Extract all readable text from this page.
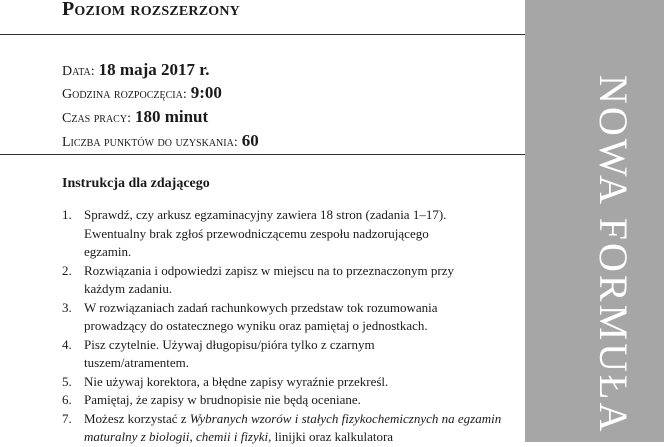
Poziom rozszerzony
Data: 18 maja 2017 r.
Godzina rozpoczęcia: 9:00
Czas pracy: 180 minut
Liczba punktów do uzyskania: 60
Instrukcja dla zdającego
1. Sprawdź, czy arkusz egzaminacyjny zawiera 18 stron (zadania 1–17).
Ewentualny brak zgłoś przewodniczącemu zespołu nadzorującego
egzamin.
2. Rozwiązania i odpowiedzi zapisz w miejscu na to przeznaczonym przy
każdym zadaniu.
3. W rozwiązaniach zadań rachunkowych przedstaw tok rozumowania
prowadzący do ostatecznego wyniku oraz pamiętaj o jednostkach.
4. Pisz czytelnie. Używaj długopisu/pióra tylko z czarnym
tuszem/atramentem.
5. Nie używaj korektora, a błędne zapisy wyraźnie przekreśl.
6. Pamiętaj, że zapisy w brudnopisie nie będą oceniane.
7. Możesz korzystać z Wybranych wzorów i stałych fizykochemicznych na egzamin maturalny z biologii, chemii i fizyki, linijki oraz kalkulatora
NOWA FORMUŁA
